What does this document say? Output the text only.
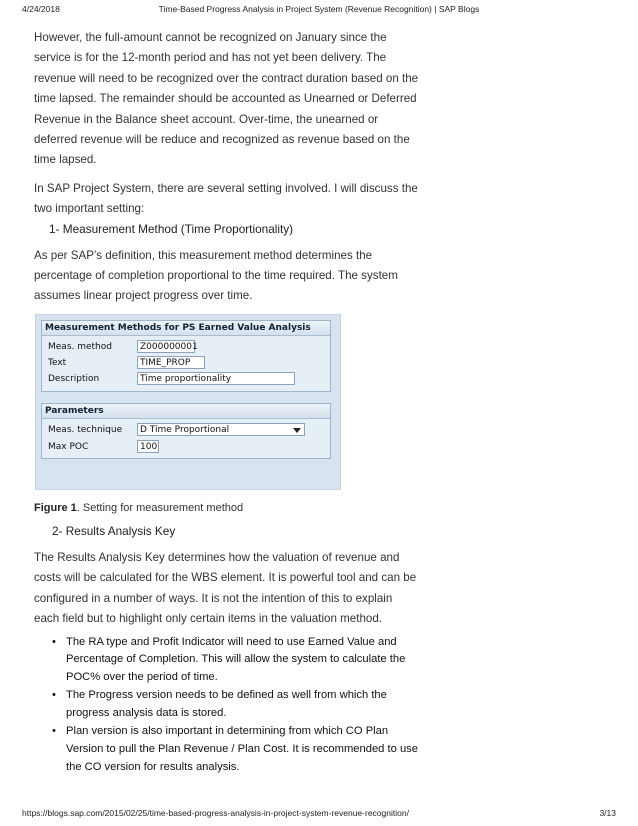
4/24/2018	Time-Based Progress Analysis in Project System (Revenue Recognition) | SAP Blogs

However, the full-amount cannot be recognized on January since the service is for the 12-month period and has not yet been delivery. The revenue will need to be recognized over the contract duration based on the time lapsed. The remainder should be accounted as Unearned or Deferred Revenue in the Balance sheet account. Over-time, the unearned or deferred revenue will be reduce and recognized as revenue based on the time lapsed.

In SAP Project System, there are several setting involved. I will discuss the two important setting:

1- Measurement Method (Time Proportionality)

As per SAP’s definition, this measurement method determines the percentage of completion proportional to the time required. The system assumes linear project progress over time.

Measurement Methods for PS Earned Value Analysis
Meas. method	Z000000001
Text	TIME_PROP
Description	Time proportionality
Parameters
Meas. technique	D Time Proportional
Max POC	100
Figure 1. Setting for measurement method
2- Results Analysis Key

The Results Analysis Key determines how the valuation of revenue and costs will be calculated for the WBS element. It is powerful tool and can be configured in a number of ways. It is not the intention of this to explain each field but to highlight only certain items in the valuation method.

• The RA type and Profit Indicator will need to use Earned Value and Percentage of Completion. This will allow the system to calculate the POC% over the period of time.
• The Progress version needs to be defined as well from which the progress analysis data is stored.
• Plan version is also important in determining from which CO Plan Version to pull the Plan Revenue / Plan Cost. It is recommended to use the CO version for results analysis.
https://blogs.sap.com/2015/02/25/time-based-progress-analysis-in-project-system-revenue-recognition/	3/13
